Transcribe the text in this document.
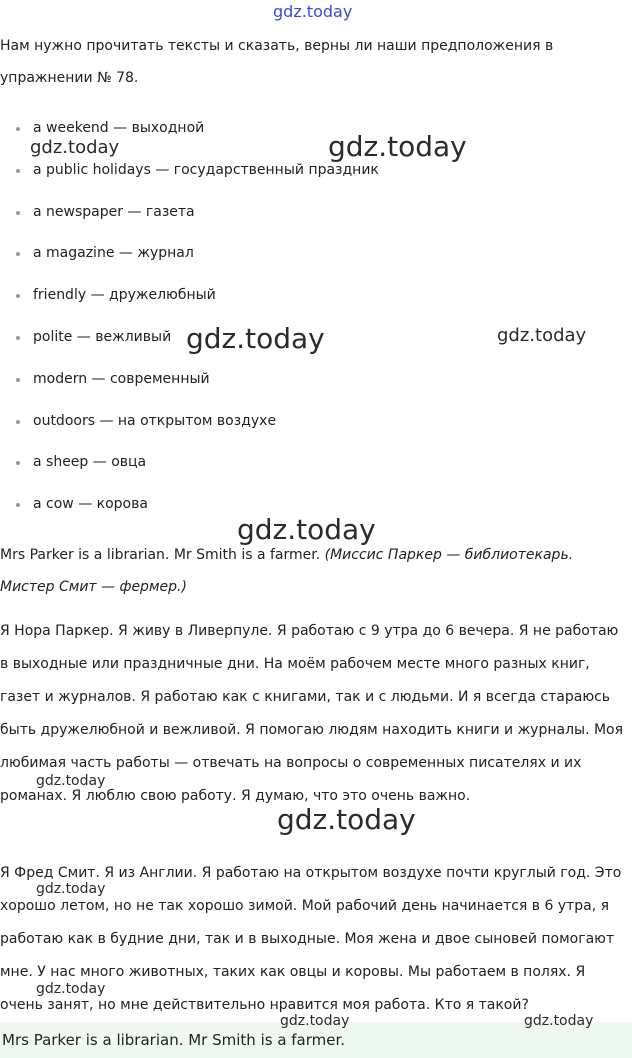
gdz.today
gdz.today	gdz.today
gdz.today	gdz.today
gdz.today

Нам нужно прочитать тексты и сказать, верны ли наши предположения в упражнении № 78.

a weekend — выходной
a public holidays — государственный праздник
a newspaper — газета
a magazine — журнал
friendly — дружелюбный
polite — вежливый
modern — современный
outdoors — на открытом воздухе
a sheep — овца
a cow — корова

Mrs Parker is a librarian. Mr Smith is a farmer. (Миссис Паркер — библиотекарь. Мистер Смит — фермер.)

Я Нора Паркер. Я живу в Ливерпуле. Я работаю с 9 утра до 6 вечера. Я не работаю в выходные или праздничные дни. На моём рабочем месте много разных книг, газет и журналов. Я работаю как с книгами, так и с людьми. И я всегда стараюсь быть дружелюбной и вежливой. Я помогаю людям находить книги и журналы. Моя любимая часть работы — отвечать на вопросы о современных писателях и их романах. Я люблю свою работу. Я думаю, что это очень важно.

gdz.today
gdz.today

Я Фред Смит. Я из Англии. Я работаю на открытом воздухе почти круглый год. Это хорошо летом, но не так хорошо зимой. Мой рабочий день начинается в 6 утра, я работаю как в будние дни, так и в выходные. Моя жена и двое сыновей помогают мне. У нас много животных, таких как овцы и коровы. Мы работаем в полях. Я очень занят, но мне действительно нравится моя работа. Кто я такой?

gdz.today
gdz.today
Mrs Parker is a librarian. Mr Smith is a farmer.
gdz.today	gdz.today
